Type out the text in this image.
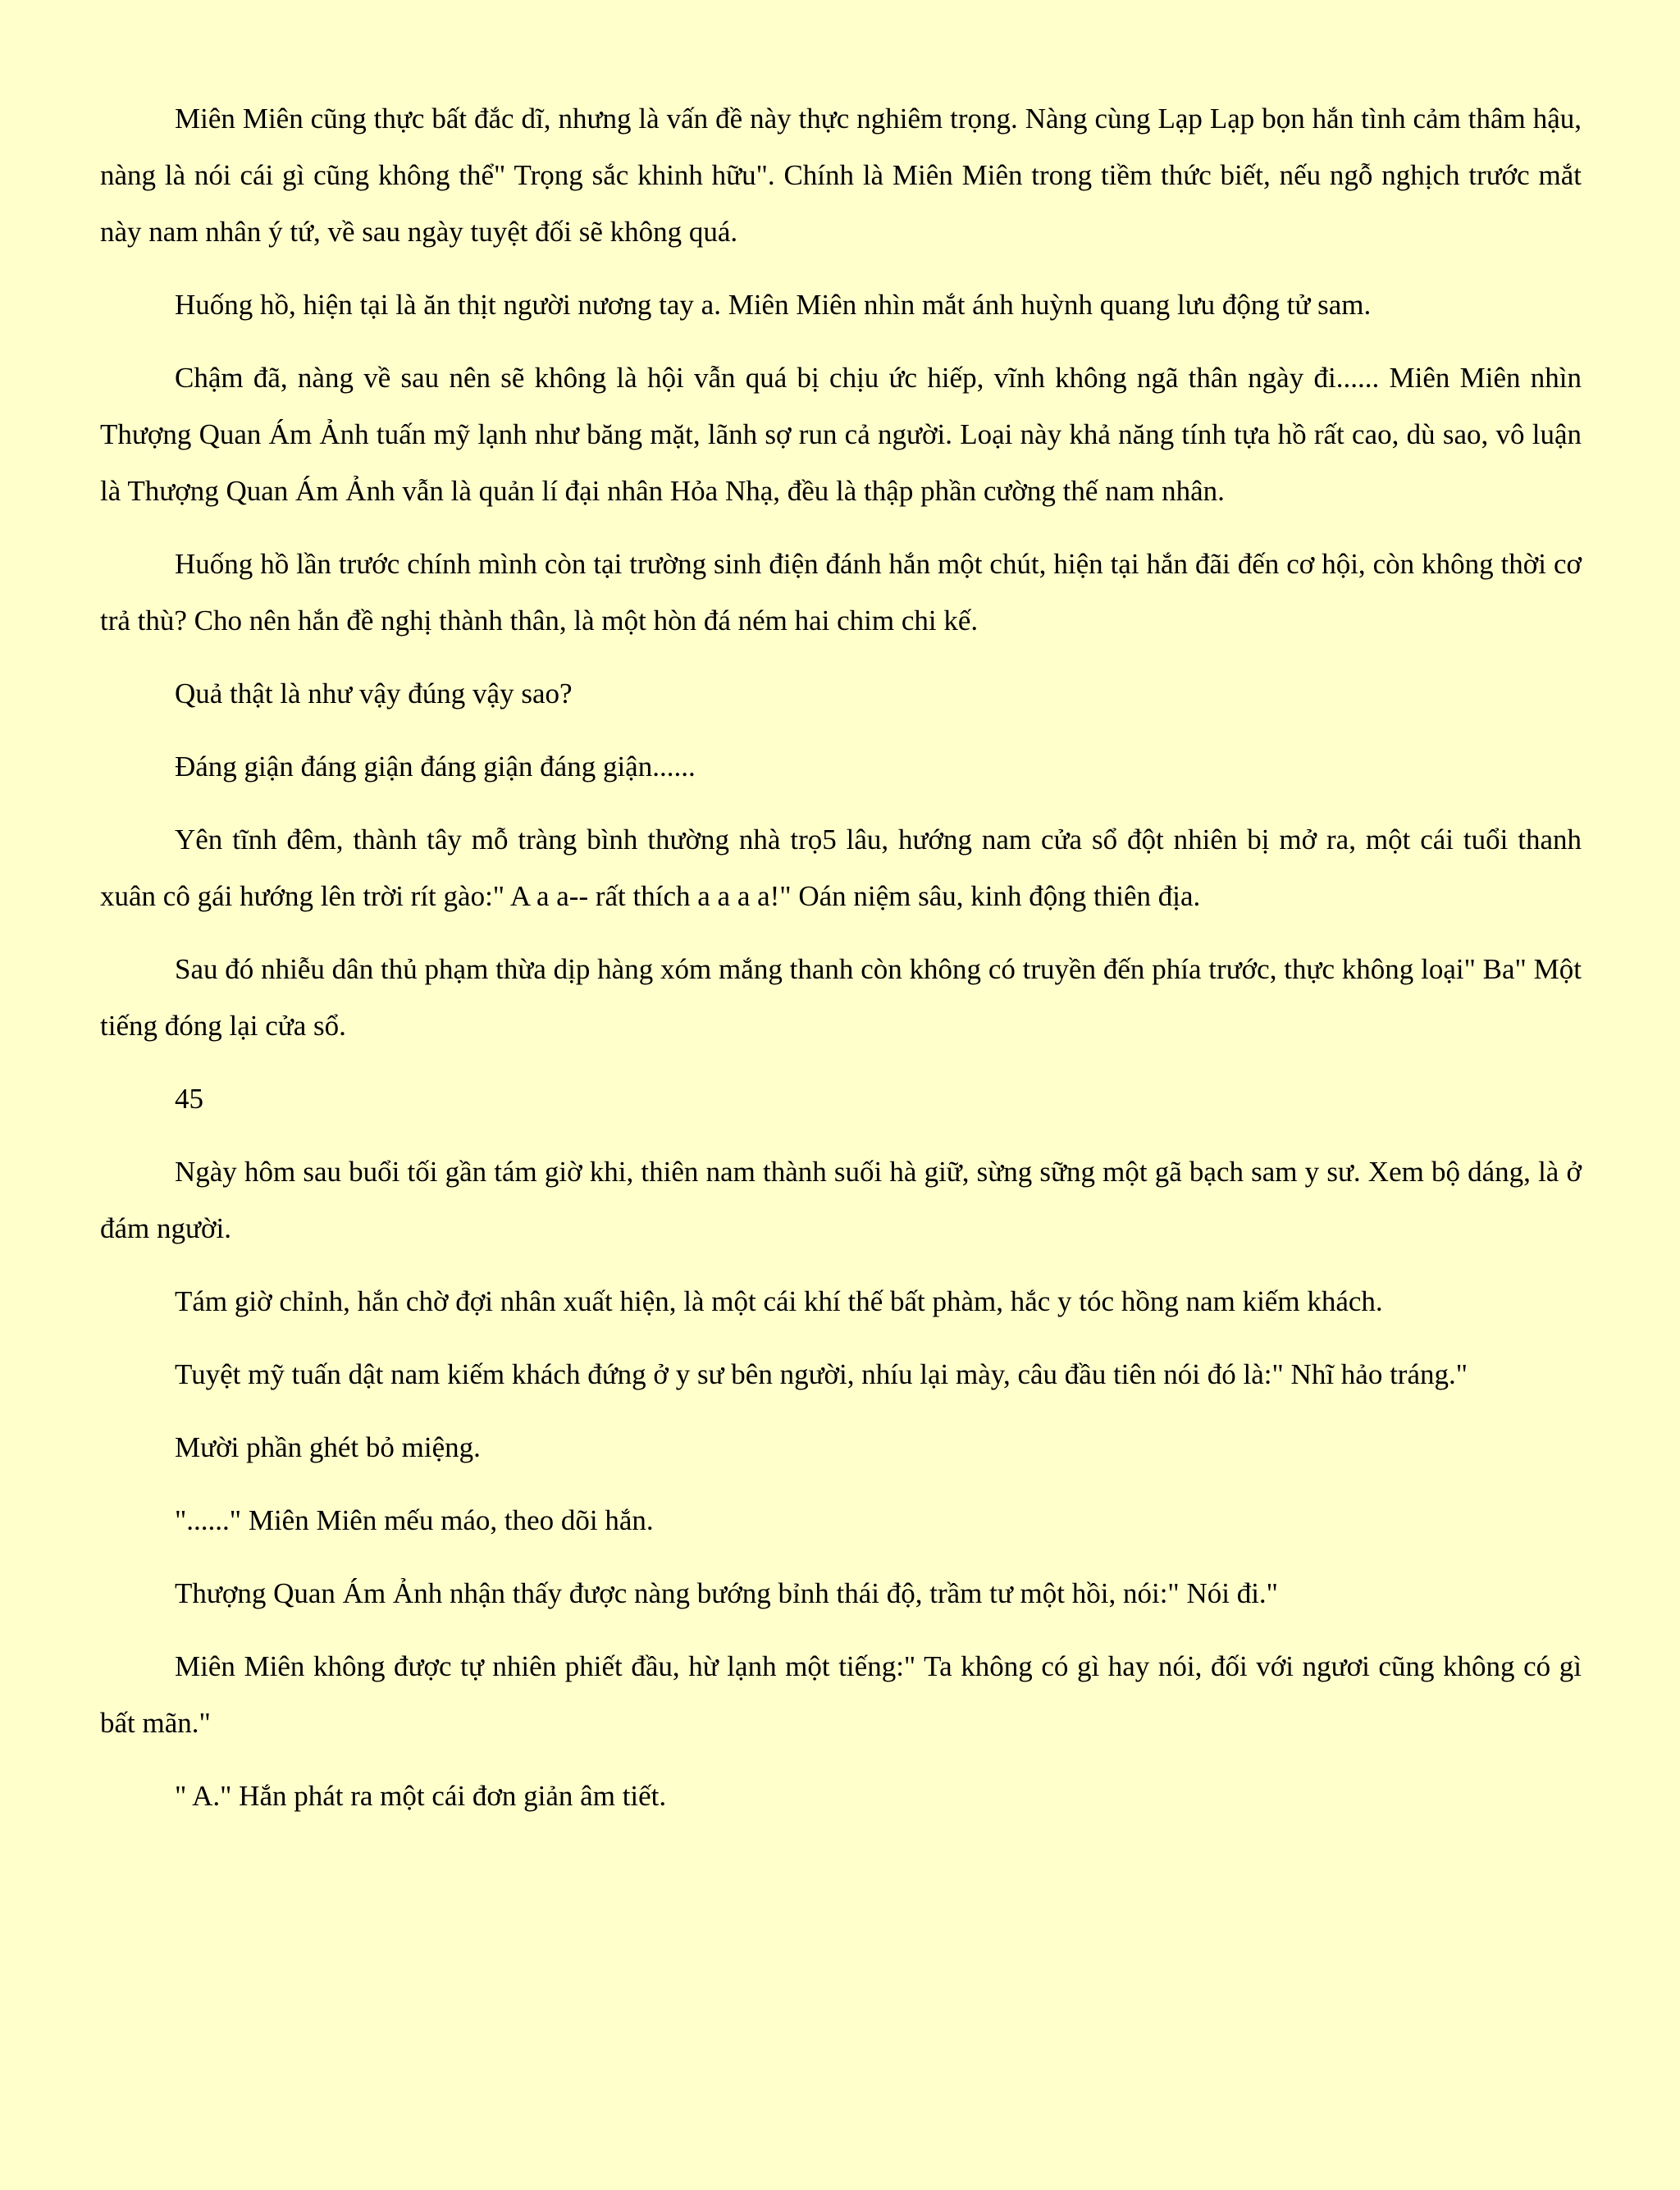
Miên Miên cũng thực bất đắc dĩ, nhưng là vấn đề này thực nghiêm trọng. Nàng cùng Lạp Lạp bọn hắn tình cảm thâm hậu, nàng là nói cái gì cũng không thể" Trọng sắc khinh hữu". Chính là Miên Miên trong tiềm thức biết, nếu ngỗ nghịch trước mắt này nam nhân ý tứ, về sau ngày tuyệt đối sẽ không quá.

Huống hồ, hiện tại là ăn thịt người nương tay a. Miên Miên nhìn mắt ánh huỳnh quang lưu động tử sam.

Chậm đã, nàng về sau nên sẽ không là hội vẫn quá bị chịu ức hiếp, vĩnh không ngã thân ngày đi...... Miên Miên nhìn Thượng Quan Ám Ảnh tuấn mỹ lạnh như băng mặt, lãnh sợ run cả người. Loại này khả năng tính tựa hồ rất cao, dù sao, vô luận là Thượng Quan Ám Ảnh vẫn là quản lí đại nhân Hỏa Nhạ, đều là thập phần cường thế nam nhân.

Huống hồ lần trước chính mình còn tại trường sinh điện đánh hắn một chút, hiện tại hắn đãi đến cơ hội, còn không thời cơ trả thù? Cho nên hắn đề nghị thành thân, là một hòn đá ném hai chim chi kế.

Quả thật là như vậy đúng vậy sao?

Đáng giận đáng giận đáng giận đáng giận......

Yên tĩnh đêm, thành tây mỗ tràng bình thường nhà trọ5 lâu, hướng nam cửa sổ đột nhiên bị mở ra, một cái tuổi thanh xuân cô gái hướng lên trời rít gào:" A a a-- rất thích a a a a!" Oán niệm sâu, kinh động thiên địa.

Sau đó nhiễu dân thủ phạm thừa dịp hàng xóm mắng thanh còn không có truyền đến phía trước, thực không loại" Ba" Một tiếng đóng lại cửa sổ.

45

Ngày hôm sau buổi tối gần tám giờ khi, thiên nam thành suối hà giữ, sừng sững một gã bạch sam y sư. Xem bộ dáng, là ở đám người.

Tám giờ chỉnh, hắn chờ đợi nhân xuất hiện, là một cái khí thế bất phàm, hắc y tóc hồng nam kiếm khách.

Tuyệt mỹ tuấn dật nam kiếm khách đứng ở y sư bên người, nhíu lại mày, câu đầu tiên nói đó là:" Nhĩ hảo tráng."

Mười phần ghét bỏ miệng.

"......" Miên Miên mếu máo, theo dõi hắn.

Thượng Quan Ám Ảnh nhận thấy được nàng bướng bỉnh thái độ, trầm tư một hồi, nói:" Nói đi."

Miên Miên không được tự nhiên phiết đầu, hừ lạnh một tiếng:" Ta không có gì hay nói, đối với ngươi cũng không có gì bất mãn."

" A." Hắn phát ra một cái đơn giản âm tiết.
